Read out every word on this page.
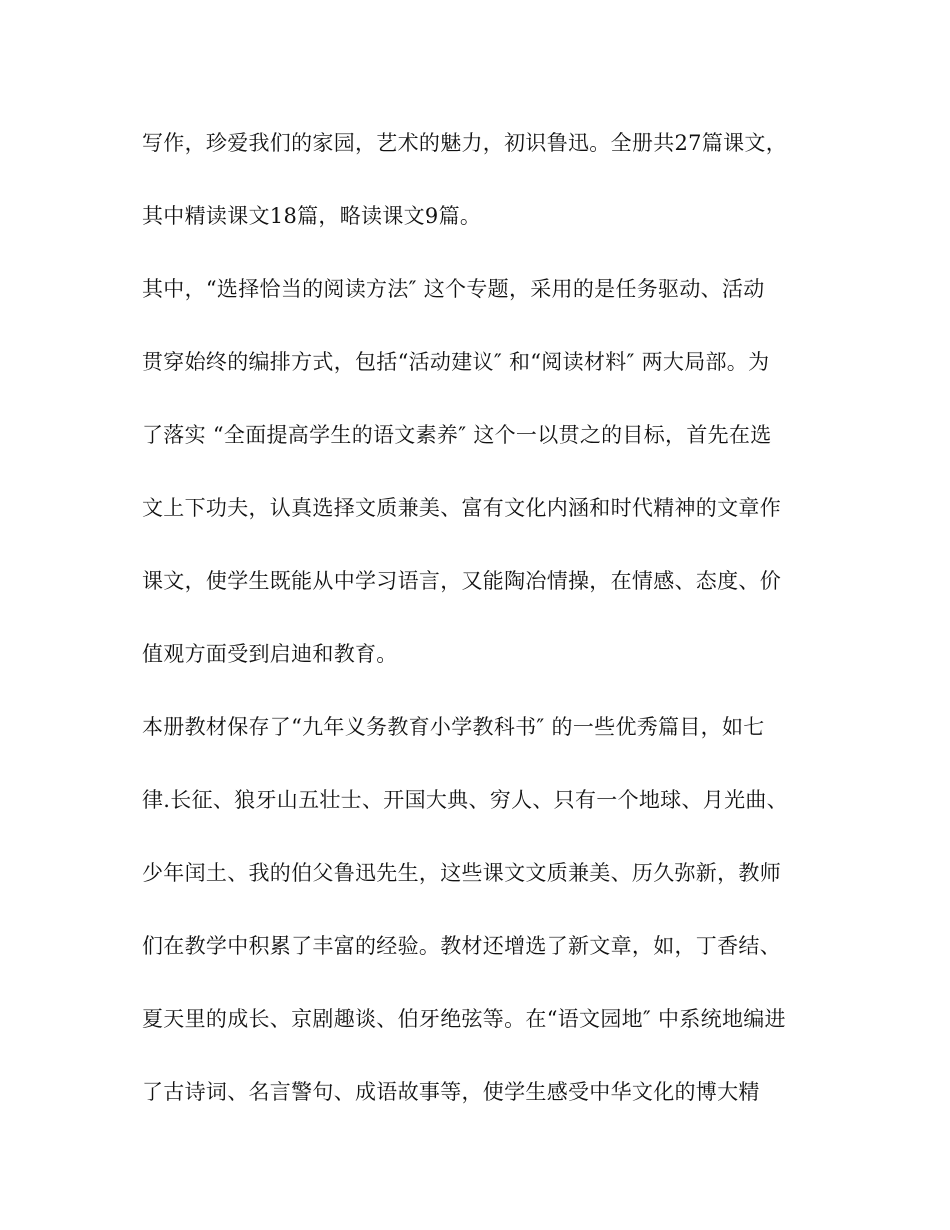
写作，珍爱我们的家园，艺术的魅力，初识鲁迅。全册共27篇课文，
其中精读课文18篇，略读课文9篇。
其中，“选择恰当的阅读方法″ 这个专题，采用的是任务驱动、活动
贯穿始终的编排方式，包括“活动建议″ 和“阅读材料″ 两大局部。为
了落实 “全面提高学生的语文素养″ 这个一以贯之的目标，首先在选
文上下功夫，认真选择文质兼美、富有文化内涵和时代精神的文章作
课文，使学生既能从中学习语言，又能陶冶情操，在情感、态度、价
值观方面受到启迪和教育。
本册教材保存了“九年义务教育小学教科书″ 的一些优秀篇目，如七
律.长征、狼牙山五壮士、开国大典、穷人、只有一个地球、月光曲、
少年闰土、我的伯父鲁迅先生，这些课文文质兼美、历久弥新，教师
们在教学中积累了丰富的经验。教材还增选了新文章，如，丁香结、
夏天里的成长、京剧趣谈、伯牙绝弦等。在“语文园地″ 中系统地编进
了古诗词、名言警句、成语故事等，使学生感受中华文化的博大精
